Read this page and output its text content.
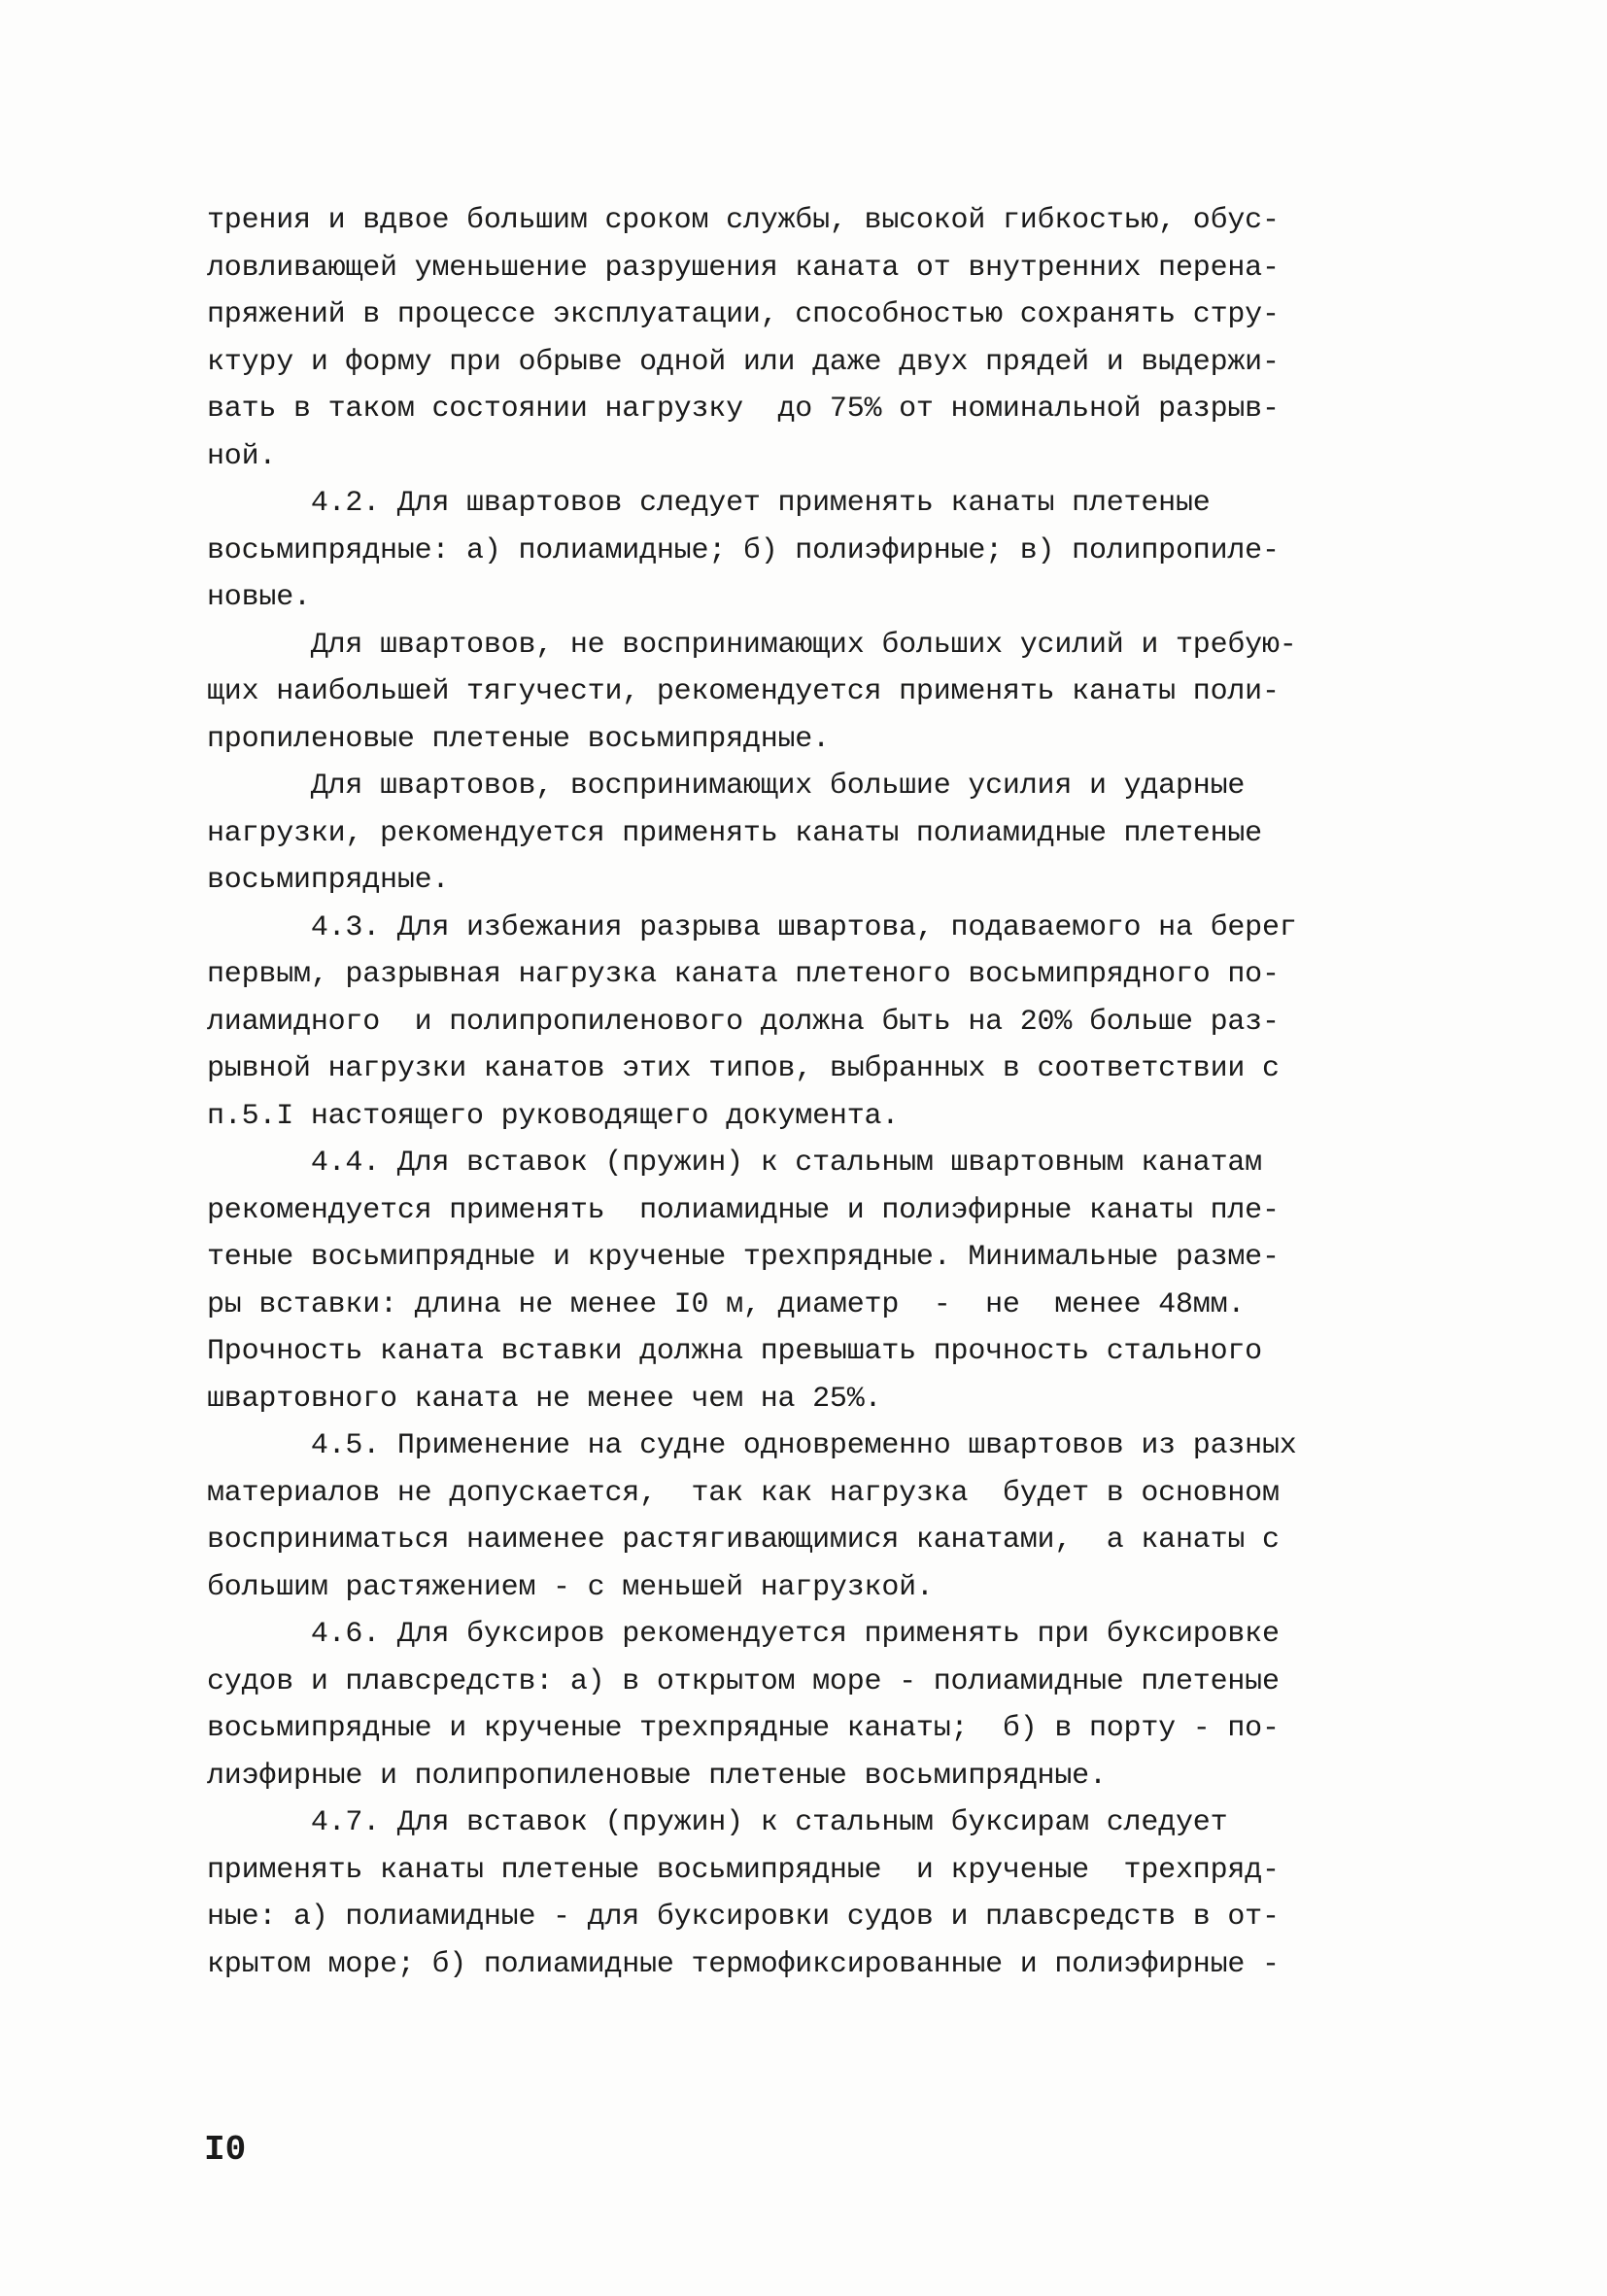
трения и вдвое большим сроком службы, высокой гибкостью, обус-
ловливающей уменьшение разрушения каната от внутренних перена-
пряжений в процессе эксплуатации, способностью сохранять стру-
ктуру и форму при обрыве одной или даже двух прядей и выдержи-
вать в таком состоянии нагрузку  до 75% от номинальной разрыв-
ной.
4.2. Для швартовов следует применять канаты плетеные
восьмипрядные: а) полиамидные; б) полиэфирные; в) полипропиле-
новые.
Для швартовов, не воспринимающих больших усилий и требую-
щих наибольшей тягучести, рекомендуется применять канаты поли-
пропиленовые плетеные восьмипрядные.
Для швартовов, воспринимающих большие усилия и ударные
нагрузки, рекомендуется применять канаты полиамидные плетеные
восьмипрядные.
4.3. Для избежания разрыва швартова, подаваемого на берег
первым, разрывная нагрузка каната плетеного восьмипрядного по-
лиамидного  и полипропиленового должна быть на 20% больше раз-
рывной нагрузки канатов этих типов, выбранных в соответствии с
п.5.I настоящего руководящего документа.
4.4. Для вставок (пружин) к стальным швартовным канатам
рекомендуется применять  полиамидные и полиэфирные канаты пле-
теные восьмипрядные и крученые трехпрядные. Минимальные разме-
ры вставки: длина не менее I0 м, диаметр  -  не  менее 48мм.
Прочность каната вставки должна превышать прочность стального
швартовного каната не менее чем на 25%.
4.5. Применение на судне одновременно швартовов из разных
материалов не допускается,  так как нагрузка  будет в основном
восприниматься наименее растягивающимися канатами,  а канаты с
большим растяжением - с меньшей нагрузкой.
4.6. Для буксиров рекомендуется применять при буксировке
судов и плавсредств: а) в открытом море - полиамидные плетеные
восьмипрядные и крученые трехпрядные канаты;  б) в порту - по-
лиэфирные и полипропиленовые плетеные восьмипрядные.
4.7. Для вставок (пружин) к стальным буксирам следует
применять канаты плетеные восьмипрядные  и крученые  трехпряд-
ные: а) полиамидные - для буксировки судов и плавсредств в от-
крытом море; б) полиамидные термофиксированные и полиэфирные -
I0
